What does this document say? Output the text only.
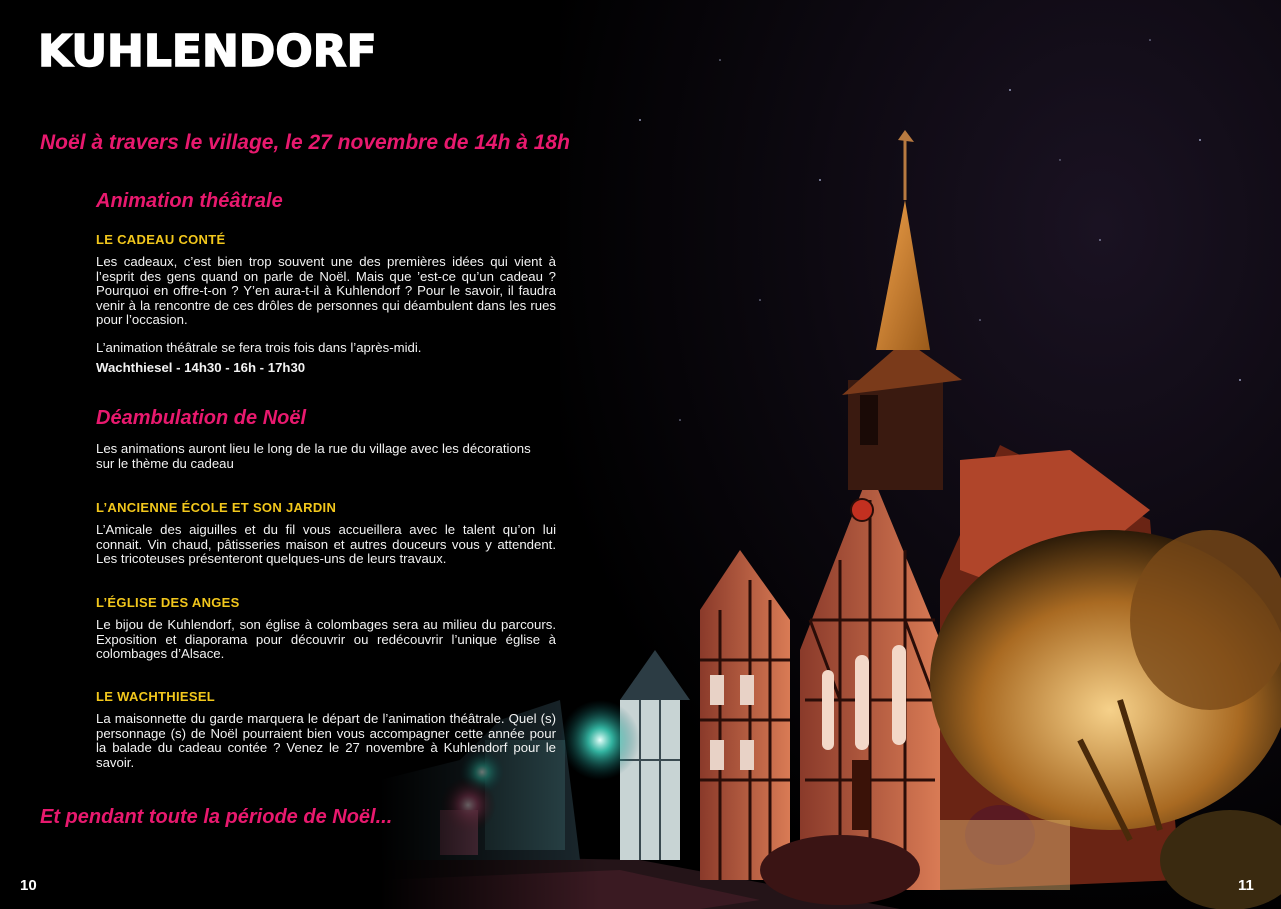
KUHLENDORF

Noël à travers le village, le 27 novembre de 14h à 18h

Animation théâtrale

LE CADEAU CONTÉ

Les cadeaux, c’est bien trop souvent une des premières idées qui vient à l’esprit des gens quand on parle de Noël. Mais que ’est-ce qu’un cadeau ? Pourquoi en offre-t-on ? Y’en aura-t-il à Kuhlendorf ? Pour le savoir, il faudra venir à la rencontre de ces drôles de personnes qui déambulent dans les rues pour l’occasion.

L’animation théâtrale se fera trois fois dans l’après-midi.

Wachthiesel - 14h30 - 16h - 17h30

Déambulation de Noël

Les animations auront lieu le long de la rue du village avec les décorations sur le thème du cadeau

L’ANCIENNE ÉCOLE ET SON JARDIN

L’Amicale des aiguilles et du fil vous accueillera avec le talent qu’on lui connait. Vin chaud, pâtisseries maison et autres douceurs vous y attendent. Les tricoteuses présenteront quelques-uns de leurs travaux.

L’ÉGLISE DES ANGES

Le bijou de Kuhlendorf, son église à colombages sera au milieu du parcours. Exposition et diaporama pour découvrir ou redécouvrir l’unique église à colombages d’Alsace.

LE WACHTHIESEL

La maisonnette du garde marquera le départ de l’animation théâtrale. Quel (s) personnage (s) de Noël pourraient bien vous accompagner cette année pour la balade du cadeau contée ? Venez le 27 novembre à Kuhlendorf pour le savoir.

Et pendant toute la période de Noël...

10	11
